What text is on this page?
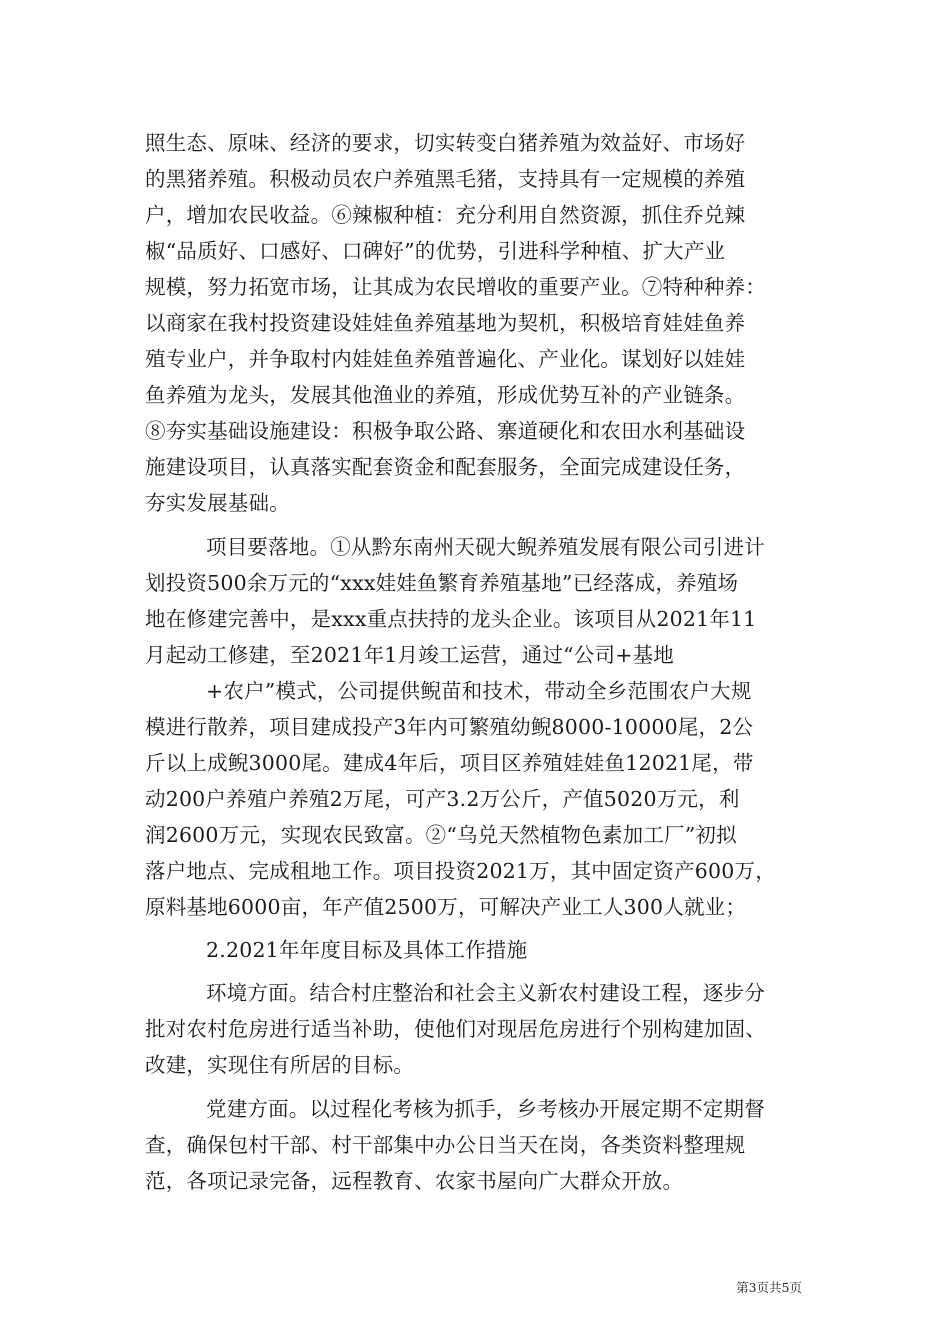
照生态、原味、经济的要求，切实转变白猪养殖为效益好、市场好
的黑猪养殖。积极动员农户养殖黑毛猪，支持具有一定规模的养殖
户，增加农民收益。⑥辣椒种植：充分利用自然资源，抓住乔兑辣
椒“品质好、口感好、口碑好”的优势，引进科学种植、扩大产业
规模，努力拓宽市场，让其成为农民增收的重要产业。⑦特种种养：
以商家在我村投资建设娃娃鱼养殖基地为契机，积极培育娃娃鱼养
殖专业户，并争取村内娃娃鱼养殖普遍化、产业化。谋划好以娃娃
鱼养殖为龙头，发展其他渔业的养殖，形成优势互补的产业链条。
⑧夯实基础设施建设：积极争取公路、寨道硬化和农田水利基础设
施建设项目，认真落实配套资金和配套服务，全面完成建设任务，
夯实发展基础。
项目要落地。①从黔东南州天砚大鲵养殖发展有限公司引进计
划投资500余万元的“xxx娃娃鱼繁育养殖基地”已经落成，养殖场
地在修建完善中，是xxx重点扶持的龙头企业。该项目从2021年11
月起动工修建，至2021年1月竣工运营，通过“公司+基地
+农户”模式，公司提供鲵苗和技术，带动全乡范围农户大规
模进行散养，项目建成投产3年内可繁殖幼鲵8000-10000尾，2公
斤以上成鲵3000尾。建成4年后，项目区养殖娃娃鱼12021尾，带
动200户养殖户养殖2万尾，可产3.2万公斤，产值5020万元，利
润2600万元，实现农民致富。②“乌兑天然植物色素加工厂”初拟
落户地点、完成租地工作。项目投资2021万，其中固定资产600万，
原料基地6000亩，年产值2500万，可解决产业工人300人就业；
2.2021年年度目标及具体工作措施
环境方面。结合村庄整治和社会主义新农村建设工程，逐步分
批对农村危房进行适当补助，使他们对现居危房进行个别构建加固、
改建，实现住有所居的目标。
党建方面。以过程化考核为抓手，乡考核办开展定期不定期督
查，确保包村干部、村干部集中办公日当天在岗，各类资料整理规
范，各项记录完备，远程教育、农家书屋向广大群众开放。
第3页共5页
